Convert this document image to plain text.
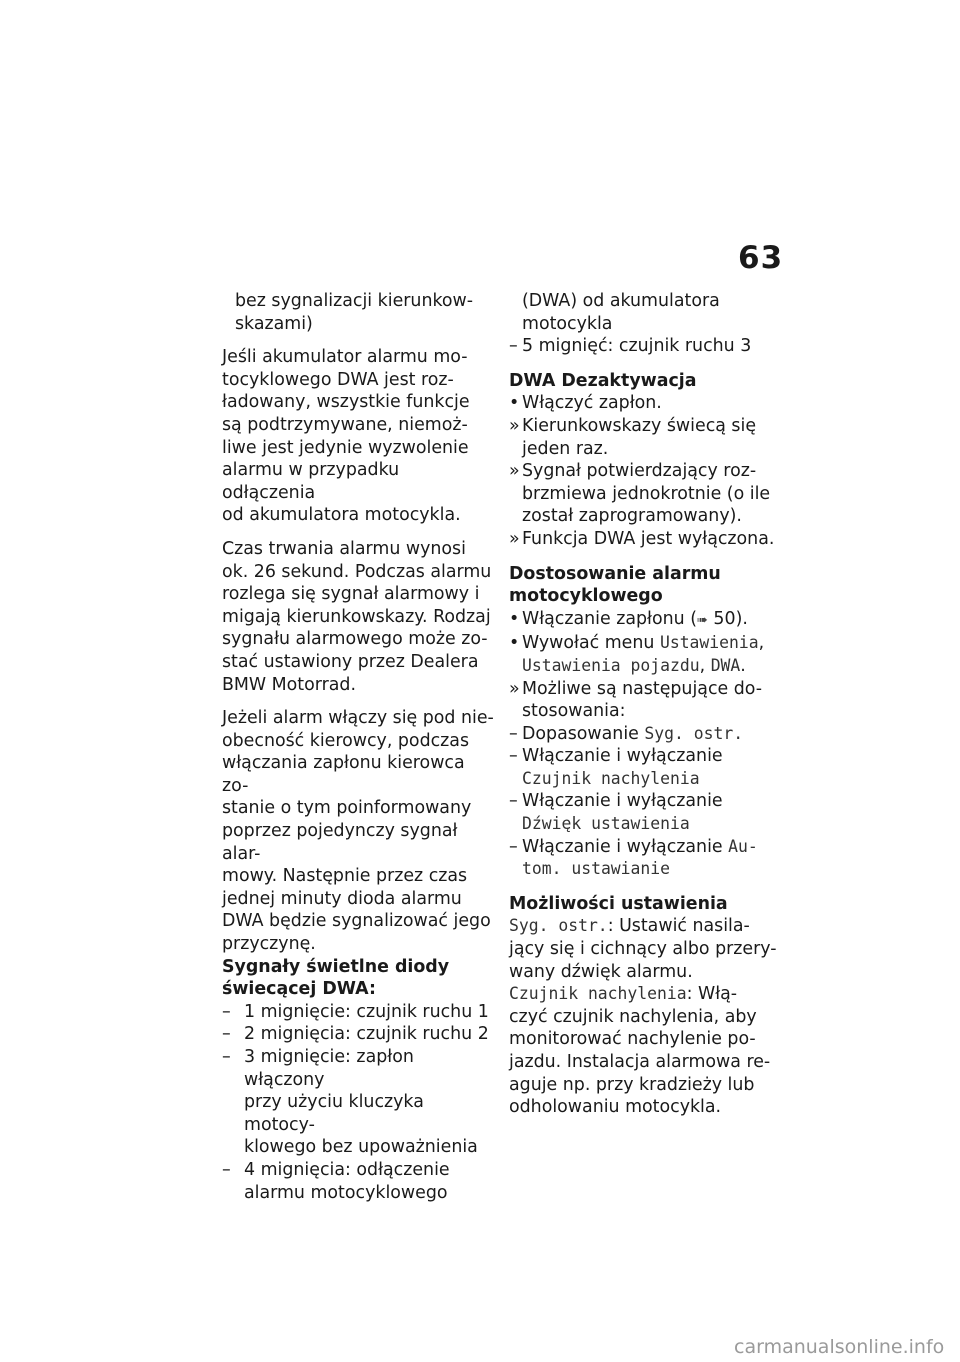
63
bez sygnalizacji kierunkow-
skazami)
Jeśli akumulator alarmu mo-
tocyklowego DWA jest roz-
ładowany, wszystkie funkcje
są podtrzymywane, niemoż-
liwe jest jedynie wyzwolenie
alarmu w przypadku odłączenia
od akumulatora motocykla.
Czas trwania alarmu wynosi
ok. 26 sekund. Podczas alarmu
rozlega się sygnał alarmowy i
migają kierunkowskazy. Rodzaj
sygnału alarmowego może zo-
stać ustawiony przez Dealera
BMW Motorrad.
Jeżeli alarm włączy się pod nie-
obecność kierowcy, podczas
włączania zapłonu kierowca zo-
stanie o tym poinformowany
poprzez pojedynczy sygnał alar-
mowy. Następnie przez czas
jednej minuty dioda alarmu
DWA będzie sygnalizować jego
przyczynę.
Sygnały świetlne diody
świecącej DWA:
– 1 mignięcie: czujnik ruchu 1
– 2 mignięcia: czujnik ruchu 2
– 3 mignięcie: zapłon włączony
przy użyciu kluczyka motocy-
klowego bez upoważnienia
– 4 mignięcia: odłączenie
alarmu motocyklowego
(DWA) od akumulatora
motocykla
– 5 mignięć: czujnik ruchu 3
DWA Dezaktywacja
• Włączyć zapłon.
» Kierunkowskazy świecą się
jeden raz.
» Sygnał potwierdzający roz-
brzmiewa jednokrotnie (o ile
został zaprogramowany).
» Funkcja DWA jest wyłączona.
Dostosowanie alarmu
motocyklowego
• Włączanie zapłonu (➠ 50).
• Wywołać menu Ustawienia,
Ustawienia pojazdu, DWA.
» Możliwe są następujące do-
stosowania:
– Dopasowanie Syg. ostr.
– Włączanie i wyłączanie
Czujnik nachylenia
– Włączanie i wyłączanie
Dźwięk ustawienia
– Włączanie i wyłączanie Au-
tom. ustawianie
Możliwości ustawienia
Syg. ostr.: Ustawić nasila-
jący się i cichnący albo przery-
wany dźwięk alarmu.
Czujnik nachylenia: Włą-
czyć czujnik nachylenia, aby
monitorować nachylenie po-
jazdu. Instalacja alarmowa re-
aguje np. przy kradzieży lub
odholowaniu motocykla.
carmanualsonline.info
